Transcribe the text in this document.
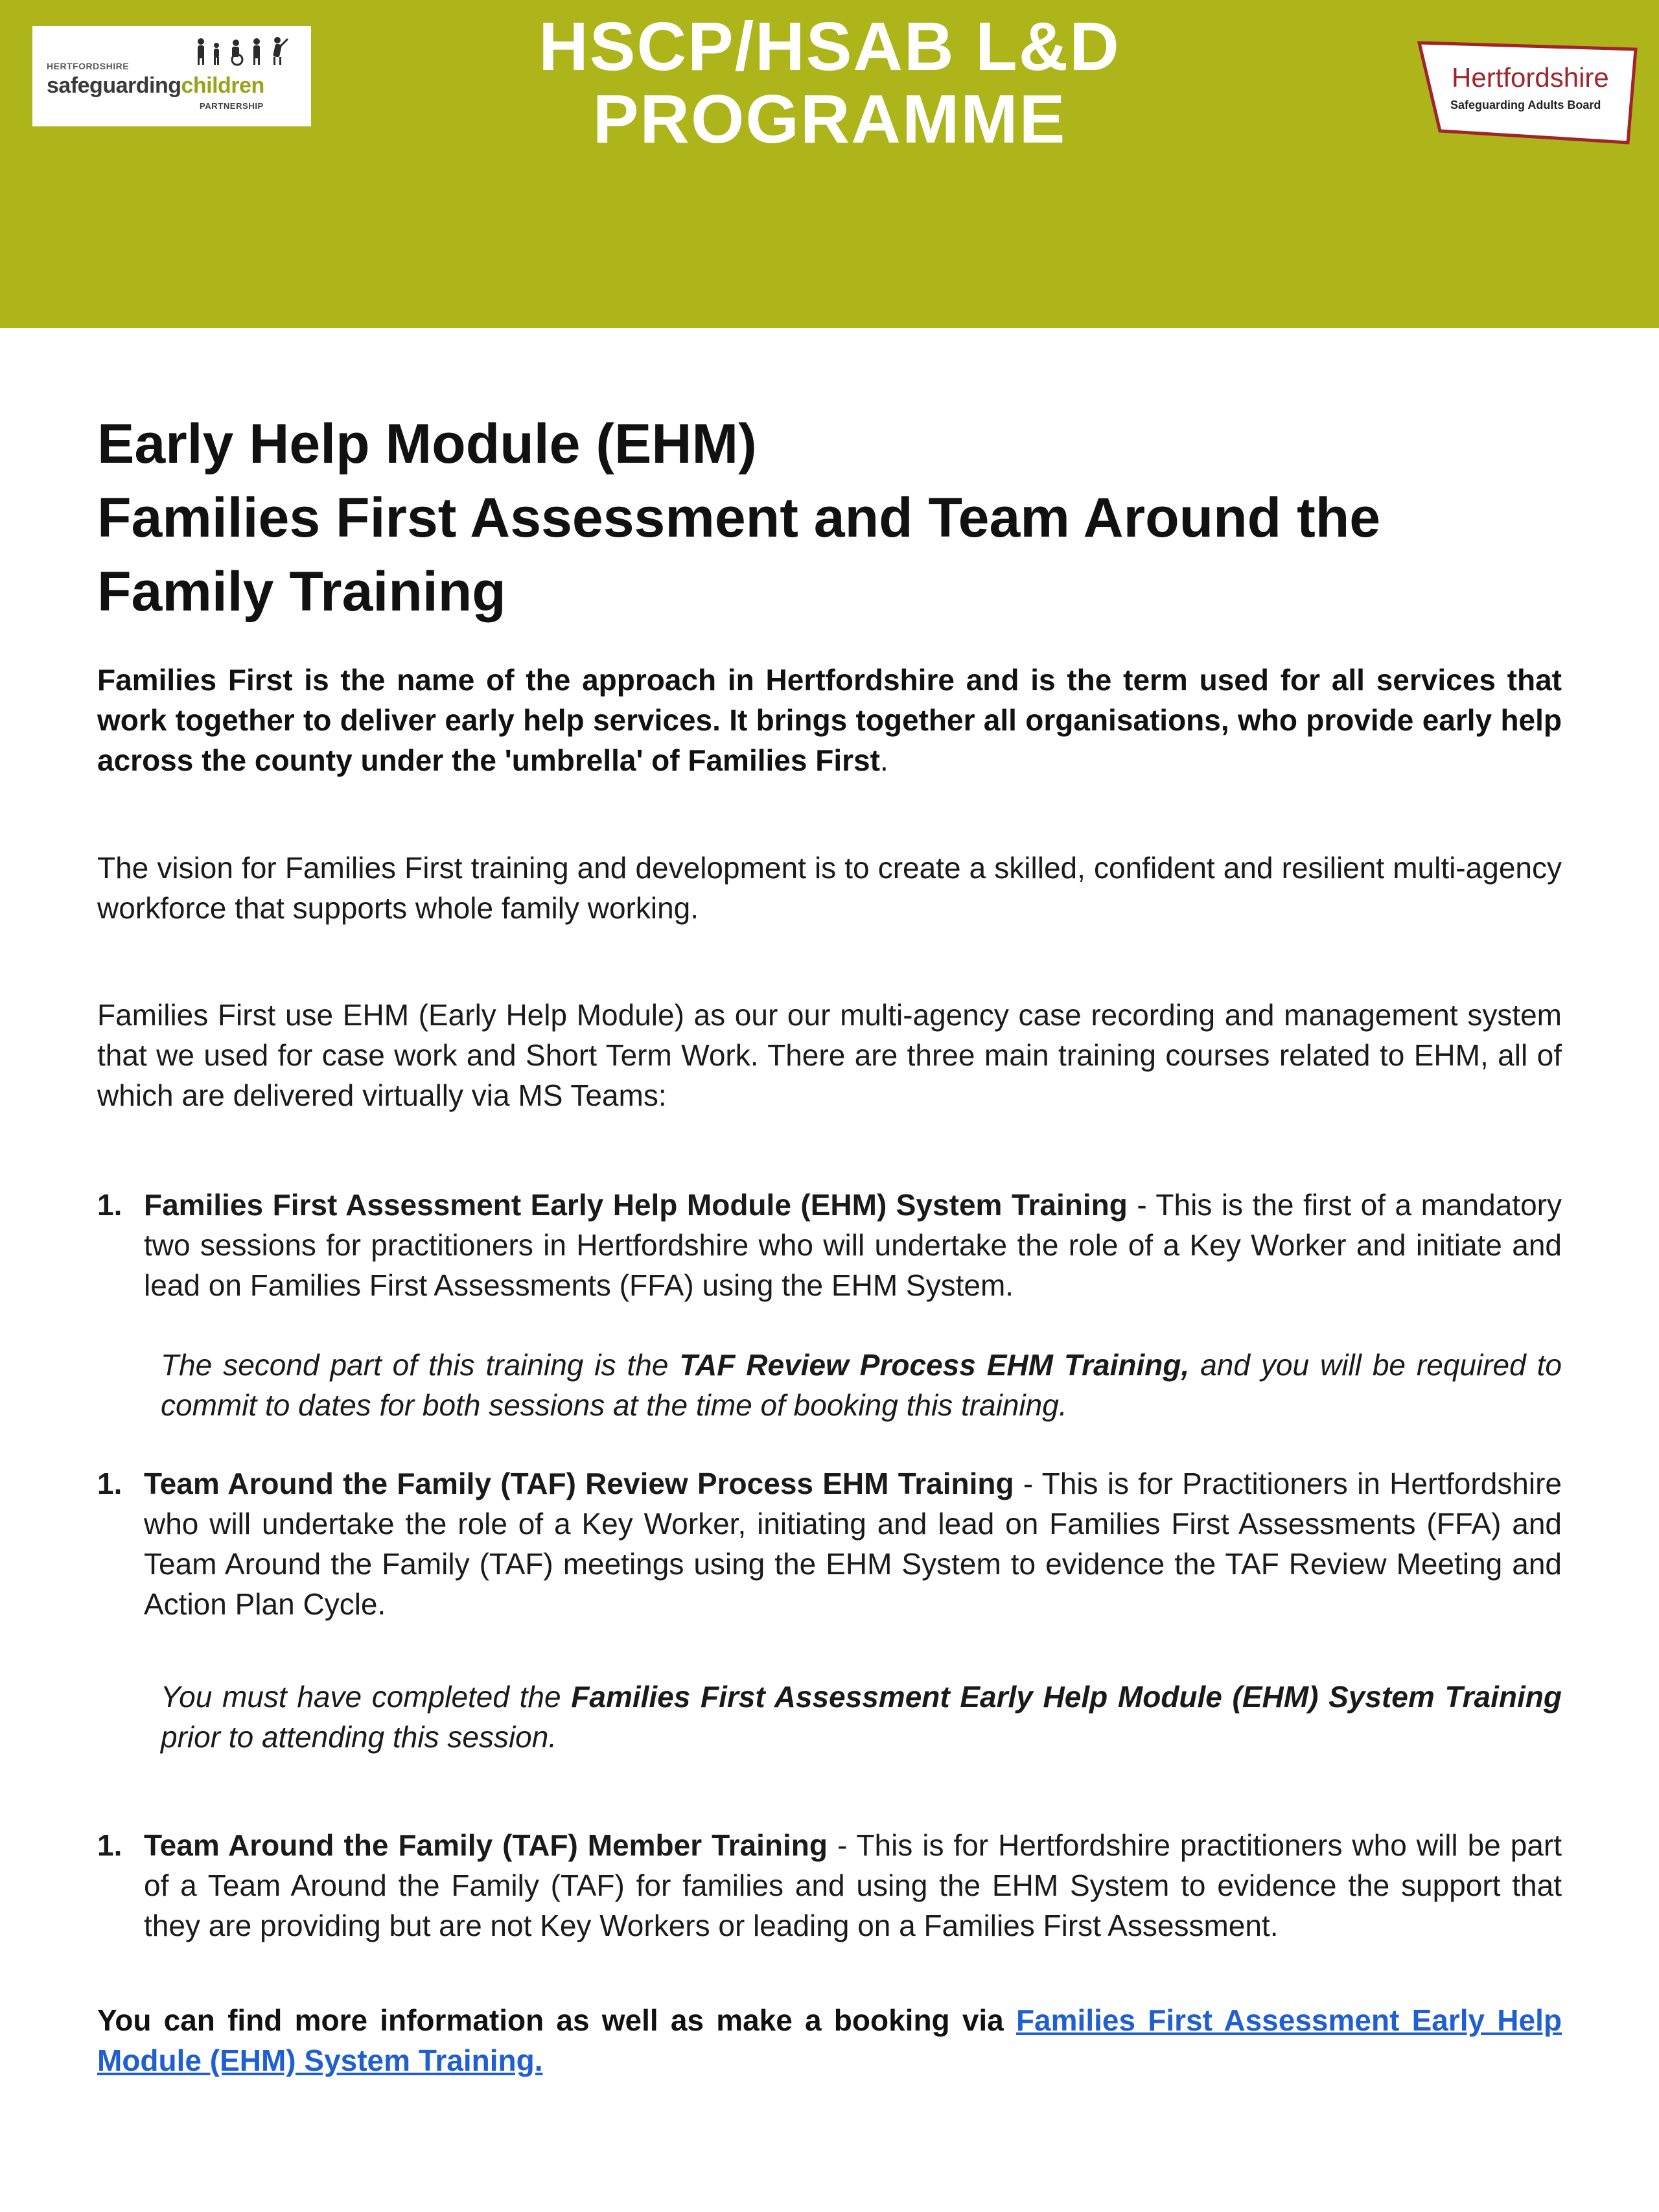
HERTFORDSHIRE
safeguardingchildren
PARTNERSHIP
HSCP/HSAB L&D
PROGRAMME
Hertfordshire
Safeguarding Adults Board
Early Help Module (EHM)
Families First Assessment and Team Around the
Family Training

Families First is the name of the approach in Hertfordshire and is the term used for all services that work together to deliver early help services. It brings together all organisations, who provide early help across the county under the 'umbrella' of Families First.

The vision for Families First training and development is to create a skilled, confident and resilient multi-agency workforce that supports whole family working.

Families First use EHM (Early Help Module) as our our multi-agency case recording and management system that we used for case work and Short Term Work. There are three main training courses related to EHM, all of which are delivered virtually via MS Teams:

1. Families First Assessment Early Help Module (EHM) System Training - This is the first of a mandatory two sessions for practitioners in Hertfordshire who will undertake the role of a Key Worker and initiate and lead on Families First Assessments (FFA) using the EHM System.
The second part of this training is the TAF Review Process EHM Training, and you will be required to commit to dates for both sessions at the time of booking this training.
1. Team Around the Family (TAF) Review Process EHM Training - This is for Practitioners in Hertfordshire who will undertake the role of a Key Worker, initiating and lead on Families First Assessments (FFA) and Team Around the Family (TAF) meetings using the EHM System to evidence the TAF Review Meeting and Action Plan Cycle.
You must have completed the Families First Assessment Early Help Module (EHM) System Training prior to attending this session.
1. Team Around the Family (TAF) Member Training - This is for Hertfordshire practitioners who will be part of a Team Around the Family (TAF) for families and using the EHM System to evidence the support that they are providing but are not Key Workers or leading on a Families First Assessment.

You can find more information as well as make a booking via Families First Assessment Early Help Module (EHM) System Training.
